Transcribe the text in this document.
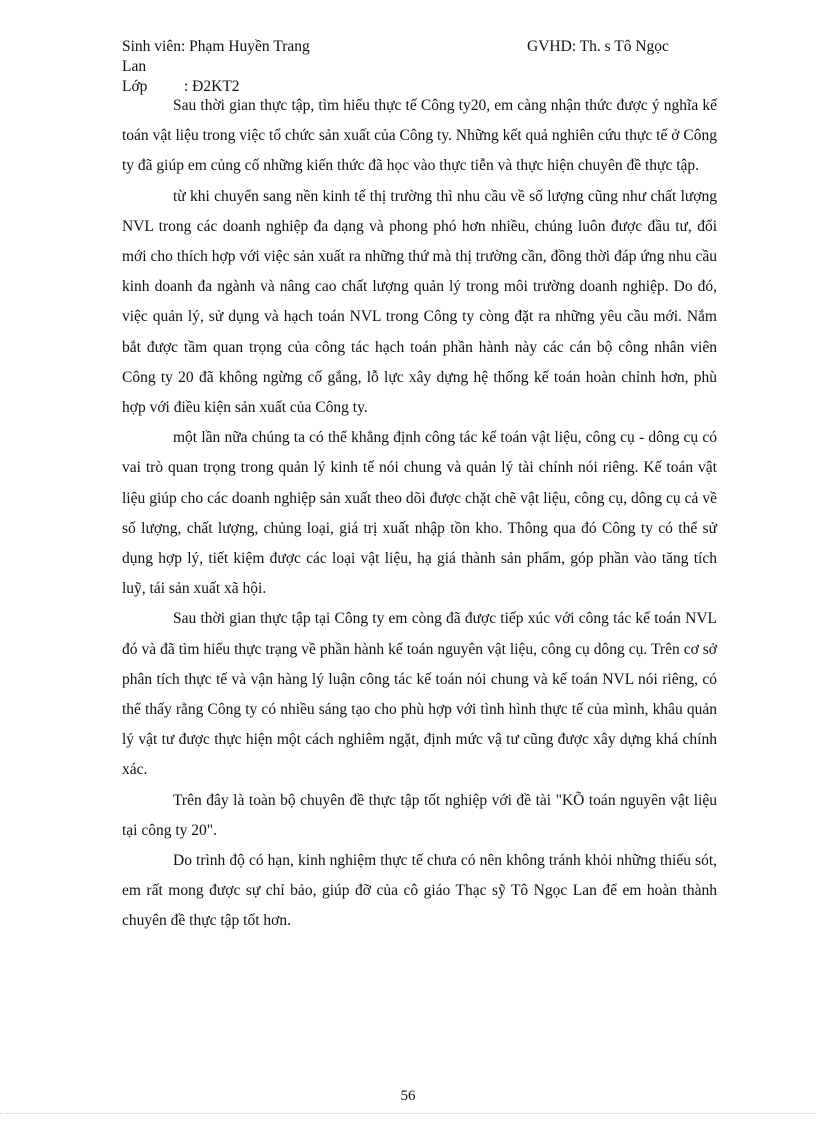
Sinh viên: Phạm Huyền Trang	GVHD: Th. s Tô Ngọc
Lan
Lớp : Đ2KT2

Sau thời gian thực tập, tìm hiểu thực tế Công ty20, em càng nhận thức được ý nghĩa kế toán vật liệu trong việc tổ chức sản xuất của Công ty. Những kết quả nghiên cứu thực tế ở Công ty đã giúp em củng cố những kiến thức đã học vào thực tiễn và thực hiện chuyên đề thực tập.

từ khi chuyển sang nền kinh tế thị trường thì nhu cầu về số lượng cũng như chất lượng NVL trong các doanh nghiệp đa dạng và phong phó hơn nhiều, chúng luôn được đầu tư, đổi mới cho thích hợp với việc sản xuất ra những thứ mà thị trường cần, đồng thời đáp ứng nhu cầu kinh doanh đa ngành và nâng cao chất lượng quản lý trong môi trường doanh nghiệp. Do đó, việc quản lý, sử dụng và hạch toán NVL trong Công ty còng đặt ra những yêu cầu mới. Nắm bắt được tầm quan trọng của công tác hạch toán phần hành này các cán bộ công nhân viên Công ty 20 đã không ngừng cố gắng, lỗ lực xây dựng hệ thống kế toán hoàn chỉnh hơn, phù hợp với điều kiện sản xuất của Công ty.

một lần nữa chúng ta có thể khẳng định công tác kế toán vật liệu, công cụ - dông cụ có vai trò quan trọng trong quản lý kinh tế nói chung và quản lý tài chính nói riêng. Kế toán vật liệu giúp cho các doanh nghiệp sản xuất theo dõi được chặt chẽ vật liệu, công cụ, dông cụ cả về số lượng, chất lượng, chủng loại, giá trị xuất nhập tồn kho. Thông qua đó Công ty có thể sử dụng hợp lý, tiết kiệm được các loại vật liệu, hạ giá thành sản phẩm, góp phần vào tăng tích luỹ, tái sản xuất xã hội.

Sau thời gian thực tập tại Công ty em còng đã được tiếp xúc với công tác kế toán NVL đó và đã tìm hiểu thực trạng về phần hành kế toán nguyên vật liệu, công cụ dông cụ. Trên cơ sở phân tích thực tế và vận hàng lý luận công tác kế toán nói chung và kế toán NVL nói riêng, có thể thấy rằng Công ty có nhiều sáng tạo cho phù hợp với tình hình thực tế của mình, khâu quản lý vật tư được thực hiện một cách nghiêm ngặt, định mức vậ tư cũng được xây dựng khá chính xác.

Trên đây là toàn bộ chuyên đề thực tập tốt nghiệp với đề tài "KÕ toán nguyên vật liệu tại công ty 20".

Do trình độ có hạn, kinh nghiệm thực tế chưa có nên không tránh khỏi những thiếu sót, em rất mong được sự chỉ bảo, giúp đỡ của cô giáo Thạc sỹ Tô Ngọc Lan để em hoàn thành chuyên đề thực tập tốt hơn.

56
